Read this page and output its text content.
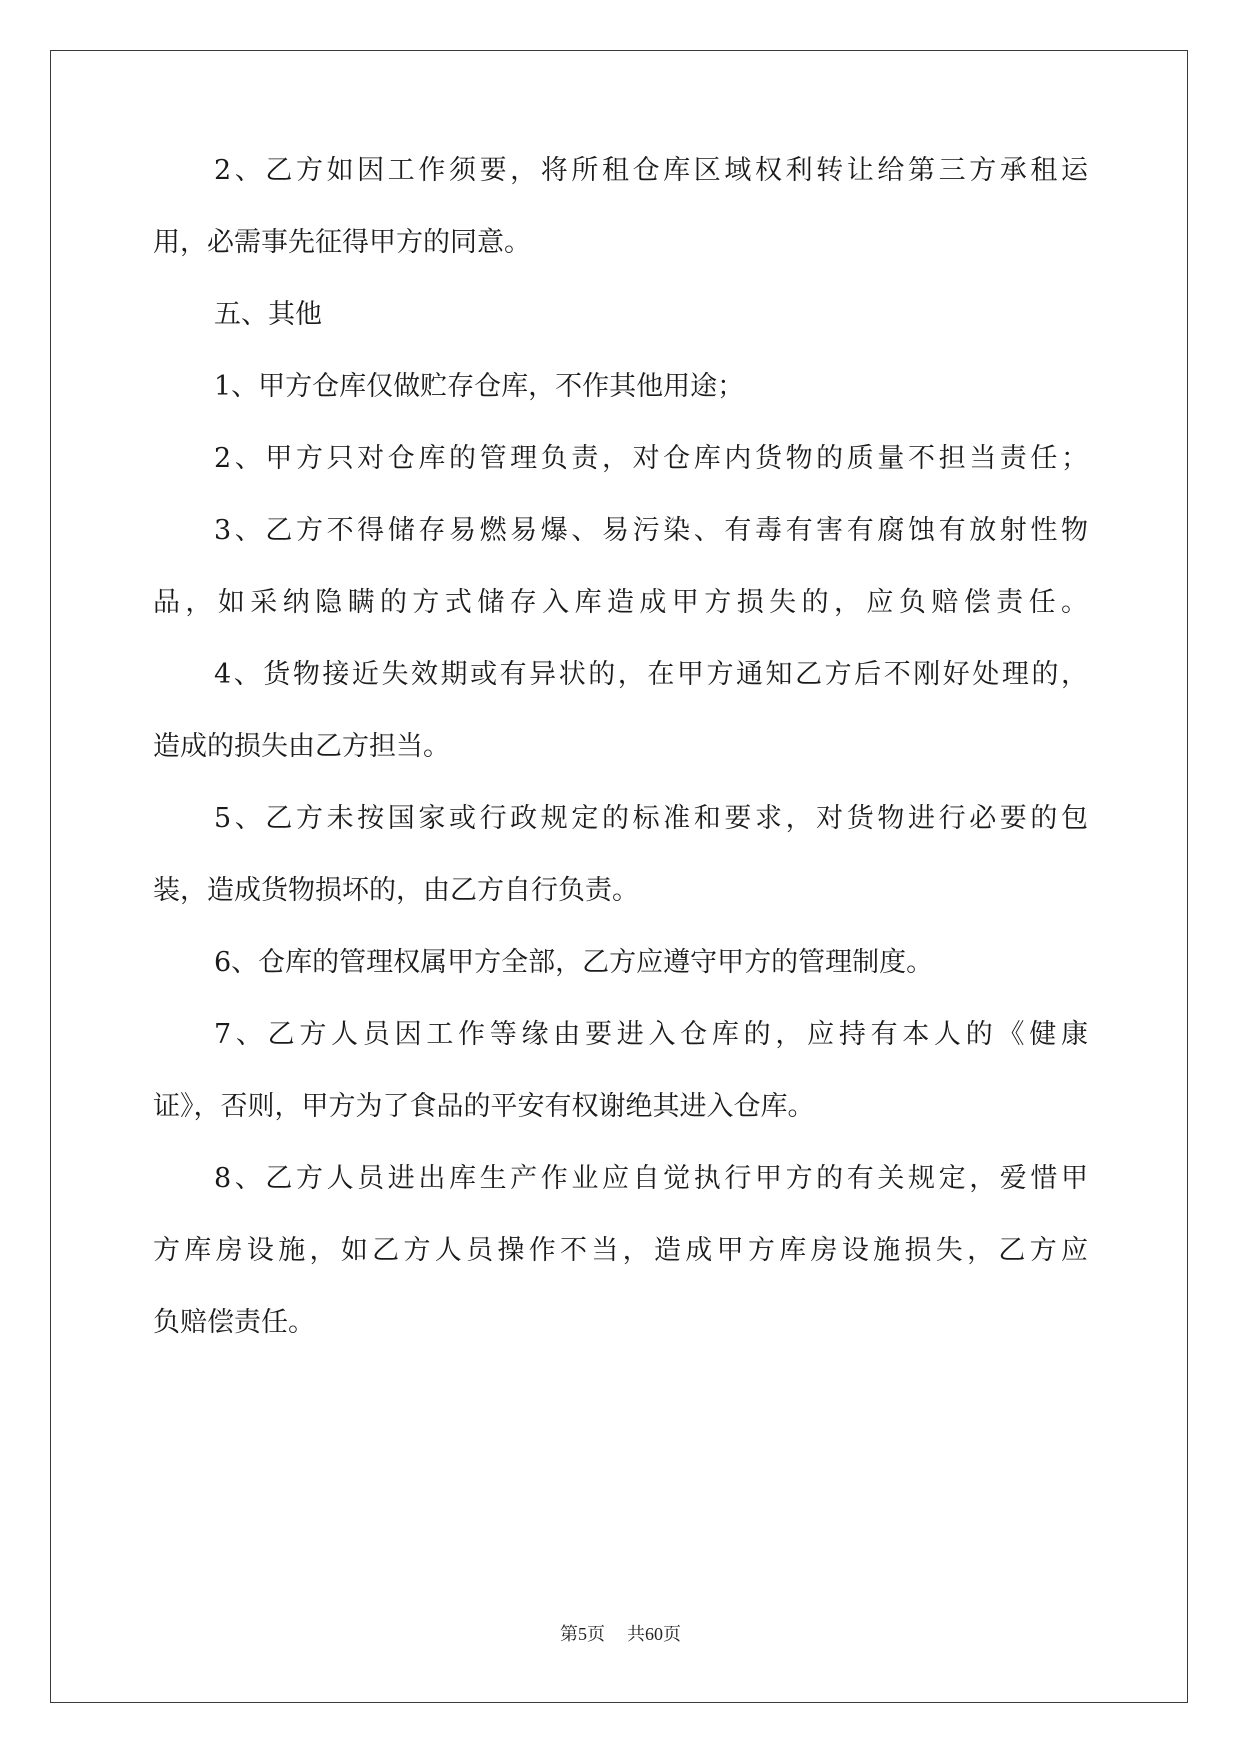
2、乙方如因工作须要，将所租仓库区域权利转让给第三方承租运
用，必需事先征得甲方的同意。
五、其他
1、甲方仓库仅做贮存仓库，不作其他用途；
2、甲方只对仓库的管理负责，对仓库内货物的质量不担当责任；
3、乙方不得储存易燃易爆、易污染、有毒有害有腐蚀有放射性物
品，如采纳隐瞒的方式储存入库造成甲方损失的，应负赔偿责任。
4、货物接近失效期或有异状的，在甲方通知乙方后不刚好处理的，
造成的损失由乙方担当。
5、乙方未按国家或行政规定的标准和要求，对货物进行必要的包
装，造成货物损坏的，由乙方自行负责。
6、仓库的管理权属甲方全部，乙方应遵守甲方的管理制度。
7、乙方人员因工作等缘由要进入仓库的，应持有本人的《健康
证》，否则，甲方为了食品的平安有权谢绝其进入仓库。
8、乙方人员进出库生产作业应自觉执行甲方的有关规定，爱惜甲
方库房设施，如乙方人员操作不当，造成甲方库房设施损失，乙方应
负赔偿责任。
第5页 共60页
